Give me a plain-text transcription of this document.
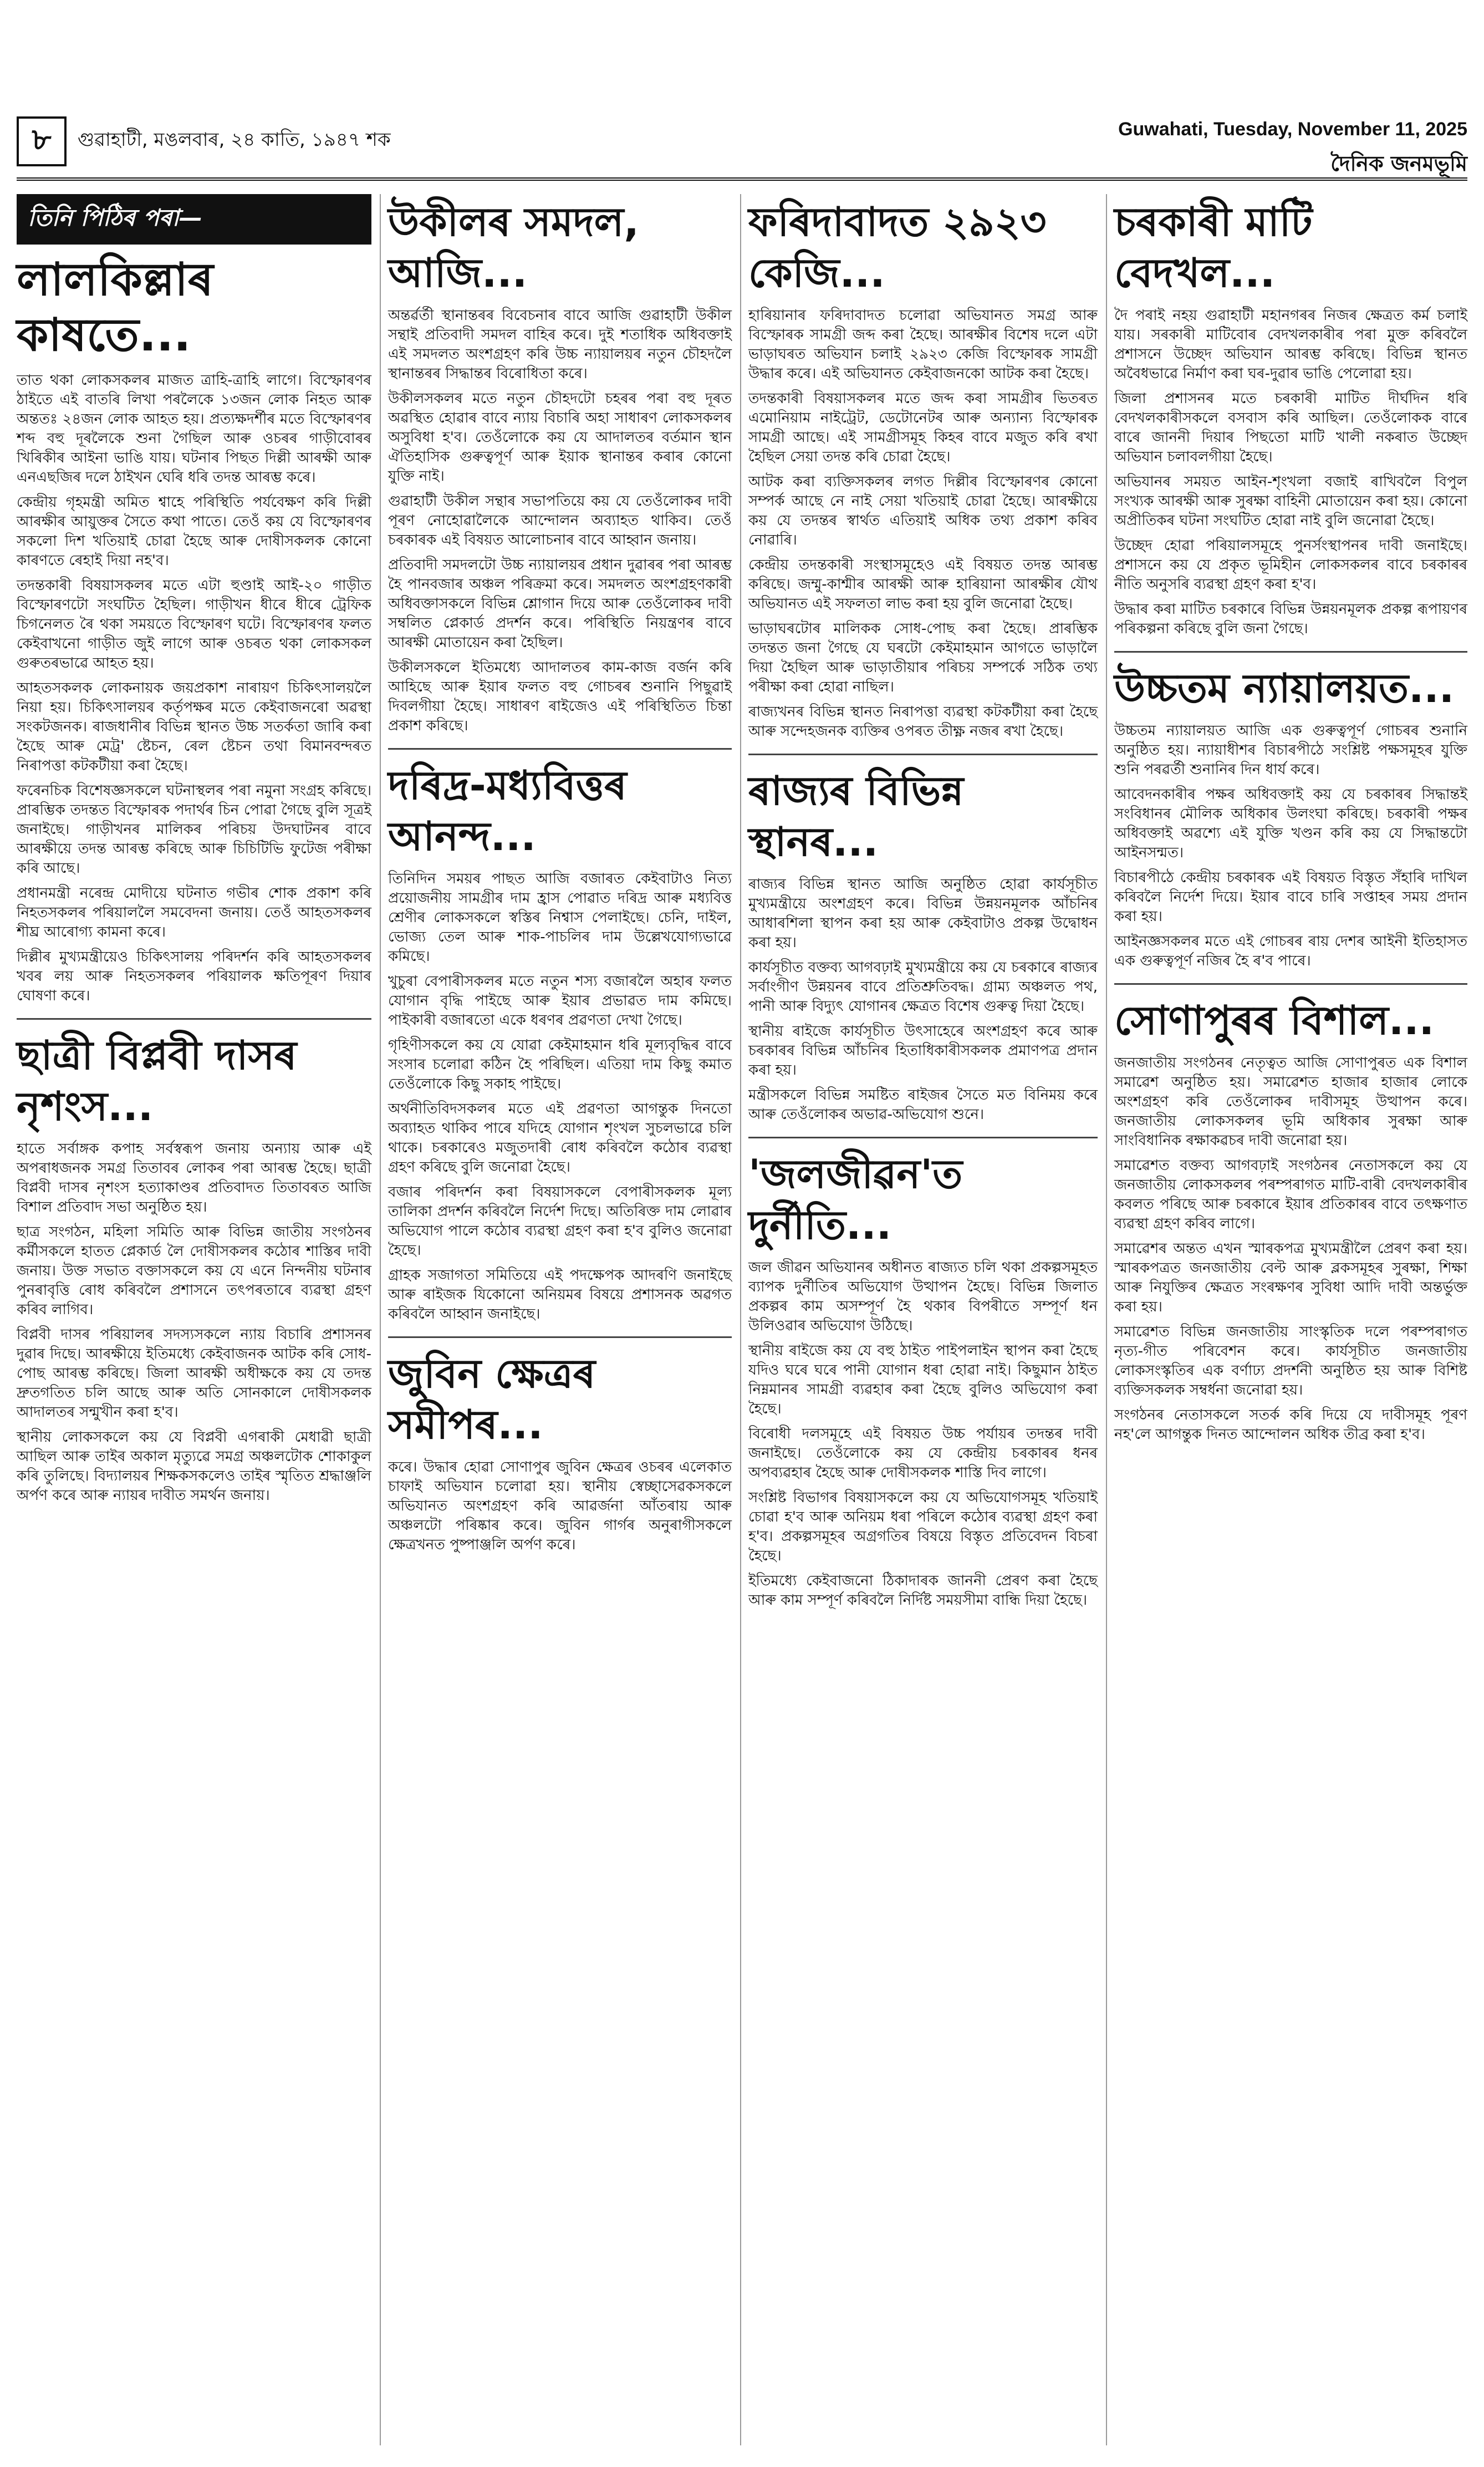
৮	গুৱাহাটী, মঙলবাৰ, ২৪ কাতি, ১৯৪৭ শক	Guwahati, Tuesday, November 11, 2025
দৈনিক জনমভূমি
তিনি পিঠিৰ পৰা—
লালকিল্লাৰ কাষতে...

তাত থকা লোকসকলৰ মাজত ত্ৰাহি-ত্ৰাহি লাগে। বিস্ফোৰণৰ ঠাইতে এই বাতৰি লিখা পৰলৈকে ১৩জন লোক নিহত আৰু অন্ততঃ ২৪জন লোক আহত হয়। প্ৰত্যক্ষদৰ্শীৰ মতে বিস্ফোৰণৰ শব্দ বহু দূৰলৈকে শুনা গৈছিল আৰু ওচৰৰ গাড়ীবোৰৰ খিৰিকীৰ আইনা ভাঙি যায়। ঘটনাৰ পিছত দিল্লী আৰক্ষী আৰু এনএছজিৰ দলে ঠাইখন ঘেৰি ধৰি তদন্ত আৰম্ভ কৰে।

কেন্দ্ৰীয় গৃহমন্ত্ৰী অমিত শ্বাহে পৰিস্থিতি পৰ্যবেক্ষণ কৰি দিল্লী আৰক্ষীৰ আয়ুক্তৰ সৈতে কথা পাতে। তেওঁ কয় যে বিস্ফোৰণৰ সকলো দিশ খতিয়াই চোৱা হৈছে আৰু দোষীসকলক কোনো কাৰণতে ৰেহাই দিয়া নহ'ব।

তদন্তকাৰী বিষয়াসকলৰ মতে এটা হুণ্ডাই আই-২০ গাড়ীত বিস্ফোৰণটো সংঘটিত হৈছিল। গাড়ীখন ধীৰে ধীৰে ট্ৰেফিক চিগনেলত ৰৈ থকা সময়তে বিস্ফোৰণ ঘটে। বিস্ফোৰণৰ ফলত কেইবাখনো গাড়ীত জুই লাগে আৰু ওচৰত থকা লোকসকল গুৰুতৰভাৱে আহত হয়।

আহতসকলক লোকনায়ক জয়প্ৰকাশ নাৰায়ণ চিকিৎসালয়লৈ নিয়া হয়। চিকিৎসালয়ৰ কৰ্তৃপক্ষৰ মতে কেইবাজনৰো অৱস্থা সংকটজনক। ৰাজধানীৰ বিভিন্ন স্থানত উচ্চ সতৰ্কতা জাৰি কৰা হৈছে আৰু মেট্ৰ' ষ্টেচন, ৰেল ষ্টেচন তথা বিমানবন্দৰত নিৰাপত্তা কটকটীয়া কৰা হৈছে।

ফৰেনচিক বিশেষজ্ঞসকলে ঘটনাস্থলৰ পৰা নমুনা সংগ্ৰহ কৰিছে। প্ৰাৰম্ভিক তদন্তত বিস্ফোৰক পদাৰ্থৰ চিন পোৱা গৈছে বুলি সূত্ৰই জনাইছে। গাড়ীখনৰ মালিকৰ পৰিচয় উদঘাটনৰ বাবে আৰক্ষীয়ে তদন্ত আৰম্ভ কৰিছে আৰু চিচিটিভি ফুটেজ পৰীক্ষা কৰি আছে।

প্ৰধানমন্ত্ৰী নৰেন্দ্ৰ মোদীয়ে ঘটনাত গভীৰ শোক প্ৰকাশ কৰি নিহতসকলৰ পৰিয়াললৈ সমবেদনা জনায়। তেওঁ আহতসকলৰ শীঘ্ৰ আৰোগ্য কামনা কৰে।

দিল্লীৰ মুখ্যমন্ত্ৰীয়েও চিকিৎসালয় পৰিদৰ্শন কৰি আহতসকলৰ খবৰ লয় আৰু নিহতসকলৰ পৰিয়ালক ক্ষতিপূৰণ দিয়াৰ ঘোষণা কৰে।

ছাত্ৰী বিপ্লবী দাসৰ নৃশংস...

হাতে সৰ্বাঙ্গক কপাহ সৰ্বস্বৰূপ জনায় অন্যায় আৰু এই অপৰাধজনক সমগ্ৰ তিতাবৰ লোকৰ পৰা আৰম্ভ হৈছে। ছাত্ৰী বিপ্লবী দাসৰ নৃশংস হত্যাকাণ্ডৰ প্ৰতিবাদত তিতাবৰত আজি বিশাল প্ৰতিবাদ সভা অনুষ্ঠিত হয়।

ছাত্ৰ সংগঠন, মহিলা সমিতি আৰু বিভিন্ন জাতীয় সংগঠনৰ কৰ্মীসকলে হাতত প্লেকাৰ্ড লৈ দোষীসকলৰ কঠোৰ শাস্তিৰ দাবী জনায়। উক্ত সভাত বক্তাসকলে কয় যে এনে নিন্দনীয় ঘটনাৰ পুনৰাবৃত্তি ৰোধ কৰিবলৈ প্ৰশাসনে তৎপৰতাৰে ব্যৱস্থা গ্ৰহণ কৰিব লাগিব।

বিপ্লবী দাসৰ পৰিয়ালৰ সদস্যসকলে ন্যায় বিচাৰি প্ৰশাসনৰ দুৱাৰ দিছে। আৰক্ষীয়ে ইতিমধ্যে কেইবাজনক আটক কৰি সোধ-পোছ আৰম্ভ কৰিছে। জিলা আৰক্ষী অধীক্ষকে কয় যে তদন্ত দ্ৰুতগতিত চলি আছে আৰু অতি সোনকালে দোষীসকলক আদালতৰ সন্মুখীন কৰা হ'ব।

স্থানীয় লোকসকলে কয় যে বিপ্লবী এগৰাকী মেধাৱী ছাত্ৰী আছিল আৰু তাইৰ অকাল মৃত্যুৱে সমগ্ৰ অঞ্চলটোক শোকাকুল কৰি তুলিছে। বিদ্যালয়ৰ শিক্ষকসকলেও তাইৰ স্মৃতিত শ্ৰদ্ধাঞ্জলি অৰ্পণ কৰে আৰু ন্যায়ৰ দাবীত সমৰ্থন জনায়।

উকীলৰ সমদল, আজি...

অন্তৰ্ৱৰ্তী স্থানান্তৰৰ বিবেচনাৰ বাবে আজি গুৱাহাটী উকীল সন্থাই প্ৰতিবাদী সমদল বাহিৰ কৰে। দুই শতাধিক অধিবক্তাই এই সমদলত অংশগ্ৰহণ কৰি উচ্চ ন্যায়ালয়ৰ নতুন চৌহদলৈ স্থানান্তৰৰ সিদ্ধান্তৰ বিৰোধিতা কৰে।

উকীলসকলৰ মতে নতুন চৌহদটো চহৰৰ পৰা বহু দূৰত অৱস্থিত হোৱাৰ বাবে ন্যায় বিচাৰি অহা সাধাৰণ লোকসকলৰ অসুবিধা হ'ব। তেওঁলোকে কয় যে আদালতৰ বৰ্তমান স্থান ঐতিহাসিক গুৰুত্বপূৰ্ণ আৰু ইয়াক স্থানান্তৰ কৰাৰ কোনো যুক্তি নাই।

গুৱাহাটী উকীল সন্থাৰ সভাপতিয়ে কয় যে তেওঁলোকৰ দাবী পূৰণ নোহোৱালৈকে আন্দোলন অব্যাহত থাকিব। তেওঁ চৰকাৰক এই বিষয়ত আলোচনাৰ বাবে আহ্বান জনায়।

প্ৰতিবাদী সমদলটো উচ্চ ন্যায়ালয়ৰ প্ৰধান দুৱাৰৰ পৰা আৰম্ভ হৈ পানবজাৰ অঞ্চল পৰিক্ৰমা কৰে। সমদলত অংশগ্ৰহণকাৰী অধিবক্তাসকলে বিভিন্ন শ্লোগান দিয়ে আৰু তেওঁলোকৰ দাবী সম্বলিত প্লেকাৰ্ড প্ৰদৰ্শন কৰে। পৰিস্থিতি নিয়ন্ত্ৰণৰ বাবে আৰক্ষী মোতায়েন কৰা হৈছিল।

উকীলসকলে ইতিমধ্যে আদালতৰ কাম-কাজ বৰ্জন কৰি আহিছে আৰু ইয়াৰ ফলত বহু গোচৰৰ শুনানি পিছুৱাই দিবলগীয়া হৈছে। সাধাৰণ ৰাইজেও এই পৰিস্থিতিত চিন্তা প্ৰকাশ কৰিছে।

দৰিদ্ৰ-মধ্যবিত্তৰ আনন্দ...

তিনিদিন সময়ৰ পাছত আজি বজাৰত কেইবাটাও নিত্য প্ৰয়োজনীয় সামগ্ৰীৰ দাম হ্ৰাস পোৱাত দৰিদ্ৰ আৰু মধ্যবিত্ত শ্ৰেণীৰ লোকসকলে স্বস্তিৰ নিশ্বাস পেলাইছে। চেনি, দাইল, ভোজ্য তেল আৰু শাক-পাচলিৰ দাম উল্লেখযোগ্যভাৱে কমিছে।

খুচুৰা বেপাৰীসকলৰ মতে নতুন শস্য বজাৰলৈ অহাৰ ফলত যোগান বৃদ্ধি পাইছে আৰু ইয়াৰ প্ৰভাৱত দাম কমিছে। পাইকাৰী বজাৰতো একে ধৰণৰ প্ৰৱণতা দেখা গৈছে।

গৃহিণীসকলে কয় যে যোৱা কেইমাহমান ধৰি মূল্যবৃদ্ধিৰ বাবে সংসাৰ চলোৱা কঠিন হৈ পৰিছিল। এতিয়া দাম কিছু কমাত তেওঁলোকে কিছু সকাহ পাইছে।

অৰ্থনীতিবিদসকলৰ মতে এই প্ৰৱণতা আগন্তুক দিনতো অব্যাহত থাকিব পাৰে যদিহে যোগান শৃংখল সুচলভাৱে চলি থাকে। চৰকাৰেও মজুতদাৰী ৰোধ কৰিবলৈ কঠোৰ ব্যৱস্থা গ্ৰহণ কৰিছে বুলি জনোৱা হৈছে।

বজাৰ পৰিদৰ্শন কৰা বিষয়াসকলে বেপাৰীসকলক মূল্য তালিকা প্ৰদৰ্শন কৰিবলৈ নিৰ্দেশ দিছে। অতিৰিক্ত দাম লোৱাৰ অভিযোগ পালে কঠোৰ ব্যৱস্থা গ্ৰহণ কৰা হ'ব বুলিও জনোৱা হৈছে।

গ্ৰাহক সজাগতা সমিতিয়ে এই পদক্ষেপক আদৰণি জনাইছে আৰু ৰাইজক যিকোনো অনিয়মৰ বিষয়ে প্ৰশাসনক অৱগত কৰিবলৈ আহ্বান জনাইছে।

জুবিন ক্ষেত্ৰৰ সমীপৰ...

কৰে। উদ্ধাৰ হোৱা সোণাপুৰ জুবিন ক্ষেত্ৰৰ ওচৰৰ এলেকাত চাফাই অভিযান চলোৱা হয়। স্থানীয় স্বেচ্ছাসেৱকসকলে অভিযানত অংশগ্ৰহণ কৰি আৱৰ্জনা আঁতৰায় আৰু অঞ্চলটো পৰিষ্কাৰ কৰে। জুবিন গাৰ্গৰ অনুৰাগীসকলে ক্ষেত্ৰখনত পুষ্পাঞ্জলি অৰ্পণ কৰে।

ফৰিদাবাদত ২৯২৩ কেজি...

হাৰিয়ানাৰ ফৰিদাবাদত চলোৱা অভিযানত সমগ্ৰ আৰু বিস্ফোৰক সামগ্ৰী জব্দ কৰা হৈছে। আৰক্ষীৰ বিশেষ দলে এটা ভাড়াঘৰত অভিযান চলাই ২৯২৩ কেজি বিস্ফোৰক সামগ্ৰী উদ্ধাৰ কৰে। এই অভিযানত কেইবাজনকো আটক কৰা হৈছে।

তদন্তকাৰী বিষয়াসকলৰ মতে জব্দ কৰা সামগ্ৰীৰ ভিতৰত এমোনিয়াম নাইট্ৰেট, ডেটোনেটৰ আৰু অন্যান্য বিস্ফোৰক সামগ্ৰী আছে। এই সামগ্ৰীসমূহ কিহৰ বাবে মজুত কৰি ৰখা হৈছিল সেয়া তদন্ত কৰি চোৱা হৈছে।

আটক কৰা ব্যক্তিসকলৰ লগত দিল্লীৰ বিস্ফোৰণৰ কোনো সম্পৰ্ক আছে নে নাই সেয়া খতিয়াই চোৱা হৈছে। আৰক্ষীয়ে কয় যে তদন্তৰ স্বাৰ্থত এতিয়াই অধিক তথ্য প্ৰকাশ কৰিব নোৱাৰি।

কেন্দ্ৰীয় তদন্তকাৰী সংস্থাসমূহেও এই বিষয়ত তদন্ত আৰম্ভ কৰিছে। জম্মু-কাশ্মীৰ আৰক্ষী আৰু হাৰিয়ানা আৰক্ষীৰ যৌথ অভিযানত এই সফলতা লাভ কৰা হয় বুলি জনোৱা হৈছে।

ভাড়াঘৰটোৰ মালিকক সোধ-পোছ কৰা হৈছে। প্ৰাৰম্ভিক তদন্তত জনা গৈছে যে ঘৰটো কেইমাহমান আগতে ভাড়ালৈ দিয়া হৈছিল আৰু ভাড়াতীয়াৰ পৰিচয় সম্পৰ্কে সঠিক তথ্য পৰীক্ষা কৰা হোৱা নাছিল।

ৰাজ্যখনৰ বিভিন্ন স্থানত নিৰাপত্তা ব্যৱস্থা কটকটীয়া কৰা হৈছে আৰু সন্দেহজনক ব্যক্তিৰ ওপৰত তীক্ষ্ণ নজৰ ৰখা হৈছে।

ৰাজ্যৰ বিভিন্ন স্থানৰ...

ৰাজ্যৰ বিভিন্ন স্থানত আজি অনুষ্ঠিত হোৱা কাৰ্যসূচীত মুখ্যমন্ত্ৰীয়ে অংশগ্ৰহণ কৰে। বিভিন্ন উন্নয়নমূলক আঁচনিৰ আধাৰশিলা স্থাপন কৰা হয় আৰু কেইবাটাও প্ৰকল্প উদ্বোধন কৰা হয়।

কাৰ্যসূচীত বক্তব্য আগবঢ়াই মুখ্যমন্ত্ৰীয়ে কয় যে চৰকাৰে ৰাজ্যৰ সৰ্বাংগীণ উন্নয়নৰ বাবে প্ৰতিশ্ৰুতিবদ্ধ। গ্ৰাম্য অঞ্চলত পথ, পানী আৰু বিদ্যুৎ যোগানৰ ক্ষেত্ৰত বিশেষ গুৰুত্ব দিয়া হৈছে।

স্থানীয় ৰাইজে কাৰ্যসূচীত উৎসাহেৰে অংশগ্ৰহণ কৰে আৰু চৰকাৰৰ বিভিন্ন আঁচনিৰ হিতাধিকাৰীসকলক প্ৰমাণপত্ৰ প্ৰদান কৰা হয়।

মন্ত্ৰীসকলে বিভিন্ন সমষ্টিত ৰাইজৰ সৈতে মত বিনিময় কৰে আৰু তেওঁলোকৰ অভাৱ-অভিযোগ শুনে।

'জলজীৱন'ত দুৰ্নীতি...

জল জীৱন অভিযানৰ অধীনত ৰাজ্যত চলি থকা প্ৰকল্পসমূহত ব্যাপক দুৰ্নীতিৰ অভিযোগ উত্থাপন হৈছে। বিভিন্ন জিলাত প্ৰকল্পৰ কাম অসম্পূৰ্ণ হৈ থকাৰ বিপৰীতে সম্পূৰ্ণ ধন উলিওৱাৰ অভিযোগ উঠিছে।

স্থানীয় ৰাইজে কয় যে বহু ঠাইত পাইপলাইন স্থাপন কৰা হৈছে যদিও ঘৰে ঘৰে পানী যোগান ধৰা হোৱা নাই। কিছুমান ঠাইত নিম্নমানৰ সামগ্ৰী ব্যৱহাৰ কৰা হৈছে বুলিও অভিযোগ কৰা হৈছে।

বিৰোধী দলসমূহে এই বিষয়ত উচ্চ পৰ্যায়ৰ তদন্তৰ দাবী জনাইছে। তেওঁলোকে কয় যে কেন্দ্ৰীয় চৰকাৰৰ ধনৰ অপব্যৱহাৰ হৈছে আৰু দোষীসকলক শাস্তি দিব লাগে।

সংশ্লিষ্ট বিভাগৰ বিষয়াসকলে কয় যে অভিযোগসমূহ খতিয়াই চোৱা হ'ব আৰু অনিয়ম ধৰা পৰিলে কঠোৰ ব্যৱস্থা গ্ৰহণ কৰা হ'ব। প্ৰকল্পসমূহৰ অগ্ৰগতিৰ বিষয়ে বিস্তৃত প্ৰতিবেদন বিচৰা হৈছে।

ইতিমধ্যে কেইবাজনো ঠিকাদাৰক জাননী প্ৰেৰণ কৰা হৈছে আৰু কাম সম্পূৰ্ণ কৰিবলৈ নিৰ্দিষ্ট সময়সীমা বান্ধি দিয়া হৈছে।

চৰকাৰী মাটি বেদখল...

দৈ পৰাই নহয় গুৱাহাটী মহানগৰৰ নিজৰ ক্ষেত্ৰত কৰ্ম চলাই যায়। সৰকাৰী মাটিবোৰ বেদখলকাৰীৰ পৰা মুক্ত কৰিবলৈ প্ৰশাসনে উচ্ছেদ অভিযান আৰম্ভ কৰিছে। বিভিন্ন স্থানত অবৈধভাৱে নিৰ্মাণ কৰা ঘৰ-দুৱাৰ ভাঙি পেলোৱা হয়।

জিলা প্ৰশাসনৰ মতে চৰকাৰী মাটিত দীৰ্ঘদিন ধৰি বেদখলকাৰীসকলে বসবাস কৰি আছিল। তেওঁলোকক বাৰে বাৰে জাননী দিয়াৰ পিছতো মাটি খালী নকৰাত উচ্ছেদ অভিযান চলাবলগীয়া হৈছে।

অভিযানৰ সময়ত আইন-শৃংখলা বজাই ৰাখিবলৈ বিপুল সংখ্যক আৰক্ষী আৰু সুৰক্ষা বাহিনী মোতায়েন কৰা হয়। কোনো অপ্ৰীতিকৰ ঘটনা সংঘটিত হোৱা নাই বুলি জনোৱা হৈছে।

উচ্ছেদ হোৱা পৰিয়ালসমূহে পুনৰ্সংস্থাপনৰ দাবী জনাইছে। প্ৰশাসনে কয় যে প্ৰকৃত ভূমিহীন লোকসকলৰ বাবে চৰকাৰৰ নীতি অনুসৰি ব্যৱস্থা গ্ৰহণ কৰা হ'ব।

উদ্ধাৰ কৰা মাটিত চৰকাৰে বিভিন্ন উন্নয়নমূলক প্ৰকল্প ৰূপায়ণৰ পৰিকল্পনা কৰিছে বুলি জনা গৈছে।

উচ্চতম ন্যায়ালয়ত...

উচ্চতম ন্যায়ালয়ত আজি এক গুৰুত্বপূৰ্ণ গোচৰৰ শুনানি অনুষ্ঠিত হয়। ন্যায়াধীশৰ বিচাৰপীঠে সংশ্লিষ্ট পক্ষসমূহৰ যুক্তি শুনি পৰৱৰ্তী শুনানিৰ দিন ধাৰ্য কৰে।

আবেদনকাৰীৰ পক্ষৰ অধিবক্তাই কয় যে চৰকাৰৰ সিদ্ধান্তই সংবিধানৰ মৌলিক অধিকাৰ উলংঘা কৰিছে। চৰকাৰী পক্ষৰ অধিবক্তাই অৱশ্যে এই যুক্তি খণ্ডন কৰি কয় যে সিদ্ধান্তটো আইনসন্মত।

বিচাৰপীঠে কেন্দ্ৰীয় চৰকাৰক এই বিষয়ত বিস্তৃত সঁহাৰি দাখিল কৰিবলৈ নিৰ্দেশ দিয়ে। ইয়াৰ বাবে চাৰি সপ্তাহৰ সময় প্ৰদান কৰা হয়।

আইনজ্ঞসকলৰ মতে এই গোচৰৰ ৰায় দেশৰ আইনী ইতিহাসত এক গুৰুত্বপূৰ্ণ নজিৰ হৈ ৰ'ব পাৰে।

সোণাপুৰৰ বিশাল...

জনজাতীয় সংগঠনৰ নেতৃত্বত আজি সোণাপুৰত এক বিশাল সমাৱেশ অনুষ্ঠিত হয়। সমাৱেশত হাজাৰ হাজাৰ লোকে অংশগ্ৰহণ কৰি তেওঁলোকৰ দাবীসমূহ উত্থাপন কৰে। জনজাতীয় লোকসকলৰ ভূমি অধিকাৰ সুৰক্ষা আৰু সাংবিধানিক ৰক্ষাকৱচৰ দাবী জনোৱা হয়।

সমাৱেশত বক্তব্য আগবঢ়াই সংগঠনৰ নেতাসকলে কয় যে জনজাতীয় লোকসকলৰ পৰম্পৰাগত মাটি-বাৰী বেদখলকাৰীৰ কবলত পৰিছে আৰু চৰকাৰে ইয়াৰ প্ৰতিকাৰৰ বাবে তৎক্ষণাত ব্যৱস্থা গ্ৰহণ কৰিব লাগে।

সমাৱেশৰ অন্তত এখন স্মাৰকপত্ৰ মুখ্যমন্ত্ৰীলৈ প্ৰেৰণ কৰা হয়। স্মাৰকপত্ৰত জনজাতীয় বেল্ট আৰু ব্লকসমূহৰ সুৰক্ষা, শিক্ষা আৰু নিযুক্তিৰ ক্ষেত্ৰত সংৰক্ষণৰ সুবিধা আদি দাবী অন্তৰ্ভুক্ত কৰা হয়।

সমাৱেশত বিভিন্ন জনজাতীয় সাংস্কৃতিক দলে পৰম্পৰাগত নৃত্য-গীত পৰিবেশন কৰে। কাৰ্যসূচীত জনজাতীয় লোকসংস্কৃতিৰ এক বৰ্ণাঢ্য প্ৰদৰ্শনী অনুষ্ঠিত হয় আৰু বিশিষ্ট ব্যক্তিসকলক সম্বৰ্ধনা জনোৱা হয়।

সংগঠনৰ নেতাসকলে সতৰ্ক কৰি দিয়ে যে দাবীসমূহ পূৰণ নহ'লে আগন্তুক দিনত আন্দোলন অধিক তীব্ৰ কৰা হ'ব।
